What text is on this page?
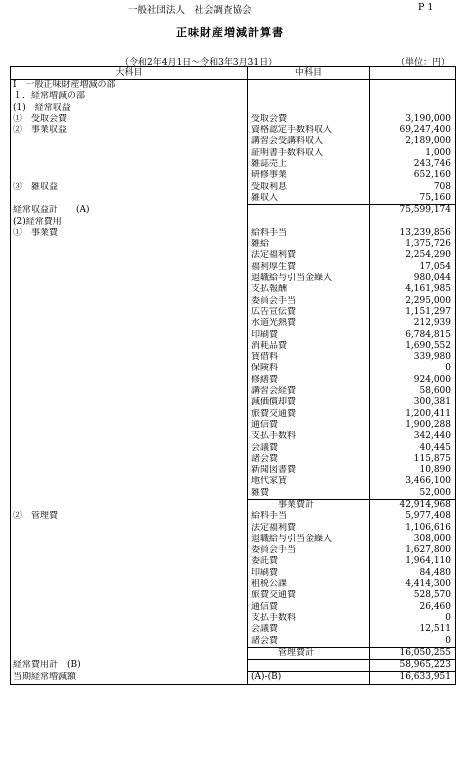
一般社団法人　社会調査協会	P 1
正味財産増減計算書
（令和2年4月1日～令和3年3月31日）	（単位：円）
大科目	中科目	
Ⅰ　一般正味財産増減の部		
１．経常増減の部		
(1)　経常収益		
①　受取会費	受取会費	3,190,000
②　事業収益	資格認定手数料収入	69,247,400
	講習会受講料収入	2,189,000
	証明書手数料収入	1,000
	雑誌売上	243,746
	研修事業	652,160
③　雑収益	受取利息	708
	雑収入	75,160
経常収益計　　(A)		75,599,174
(2)経常費用		
①　事業費	給料手当	13,239,856
	雑給	1,375,726
	法定福利費	2,254,290
	福利厚生費	17,054
	退職給与引当金繰入	980,044
	支払報酬	4,161,985
	委員会手当	2,295,000
	広告宣伝費	1,151,297
	水道光熱費	212,939
	印刷費	6,784,815
	消耗品費	1,690,552
	賃借料	339,980
	保険料	0
	修繕費	924,000
	講習会経費	58,600
	減価償却費	300,381
	旅費交通費	1,200,411
	通信費	1,900,288
	支払手数料	342,440
	会議費	40,445
	諸会費	115,875
	新聞図書費	10,890
	地代家賃	3,466,100
	雑費	52,000
	　　　事業費計	42,914,968
②　管理費	給料手当	5,977,408
	法定福利費	1,106,616
	退職給与引当金繰入	308,000
	委員会手当	1,627,800
	委託費	1,964,110
	印刷費	84,480
	租税公課	4,414,300
	旅費交通費	528,570
	通信費	26,460
	支払手数料	0
	会議費	12,511
	諸会費	0
	　　　管理費計	16,050,255
経常費用計　(B)		58,965,223
当期経常増減額	(A)-(B)	16,633,951
